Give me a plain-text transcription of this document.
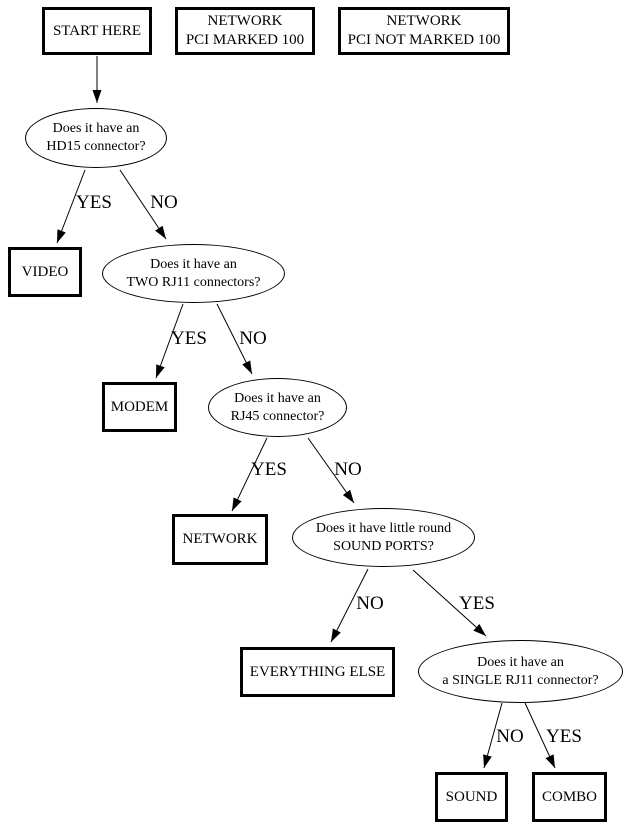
START HERE
NETWORK
PCI MARKED 100
NETWORK
PCI NOT MARKED 100
Does it have an
HD15 connector?
Does it have an
TWO RJ11 connectors?
Does it have an
RJ45 connector?
Does it have little round
SOUND PORTS?
Does it have an
a SINGLE RJ11 connector?
VIDEO
MODEM
NETWORK
EVERYTHING ELSE
SOUND	COMBO
YES NO
YES NO
YES NO
NO	YES
NO YES
